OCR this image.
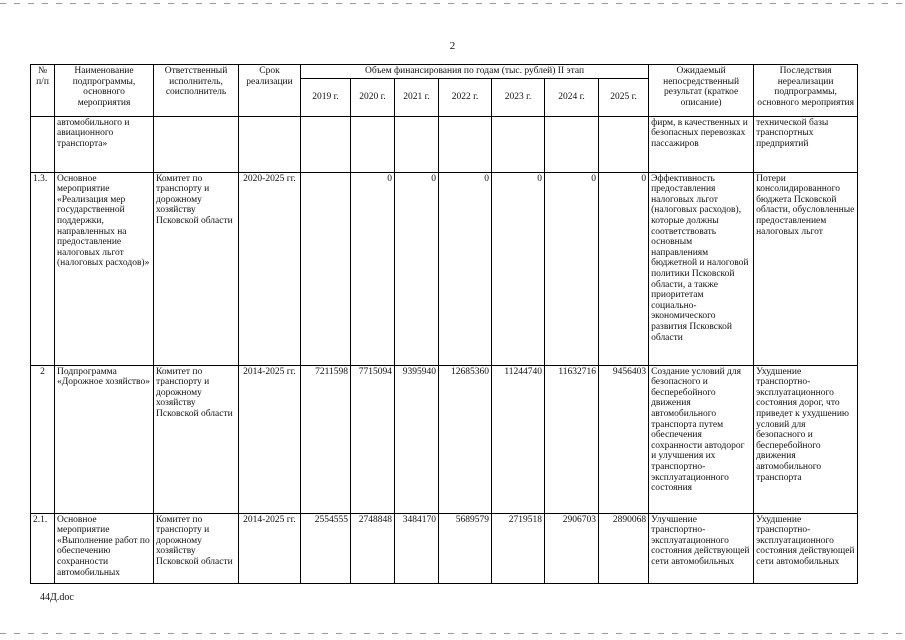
2
№ п/п	Наименование подпрограммы, основного мероприятия	Ответственный исполнитель, соисполнитель	Срок реализации	Объем финансирования по годам (тыс. рублей) II этап							Ожидаемый непосредственный результат (краткое описание)	Последствия нереализации подпрограммы, основного мероприятия
				2019 г.	2020 г.	2021 г.	2022 г.	2023 г.	2024 г.	2025 г.		
	автомобильного и авиационного транспорта»										фирм, в качественных и безопасных перевозках пассажиров	технической базы транспортных предприятий
1.3.	Основное мероприятие «Реализация мер государственной поддержки, направленных на предоставление налоговых льгот (налоговых расходов)»	Комитет по транспорту и дорожному хозяйству Псковской области	2020-2025 гг.		0	0	0	0	0	0	Эффективность предоставления налоговых льгот (налоговых расходов), которые должны соответствовать основным направлениям бюджетной и налоговой политики Псковской области, а также приоритетам социально-экономического развития Псковской области	Потери консолидированного бюджета Псковской области, обусловленные предоставлением налоговых льгот
2	Подпрограмма «Дорожное хозяйство»	Комитет по транспорту и дорожному хозяйству Псковской области	2014-2025 гг.	7211598	7715094	9395940	12685360	11244740	11632716	9456403	Создание условий для безопасного и бесперебойного движения автомобильного транспорта путем обеспечения сохранности автодорог и улучшения их транспортно-эксплуатационного состояния	Ухудшение транспортно-эксплуатационного состояния дорог, что приведет к ухудшению условий для безопасного и бесперебойного движения автомобильного транспорта
2.1.	Основное мероприятие «Выполнение работ по обеспечению сохранности автомобильных	Комитет по транспорту и дорожному хозяйству Псковской области	2014-2025 гг.	2554555	2748848	3484170	5689579	2719518	2906703	2890068	Улучшение транспортно-эксплуатационного состояния действующей сети автомобильных	Ухудшение транспортно-эксплуатационного состояния действующей сети автомобильных
44Д.doc
